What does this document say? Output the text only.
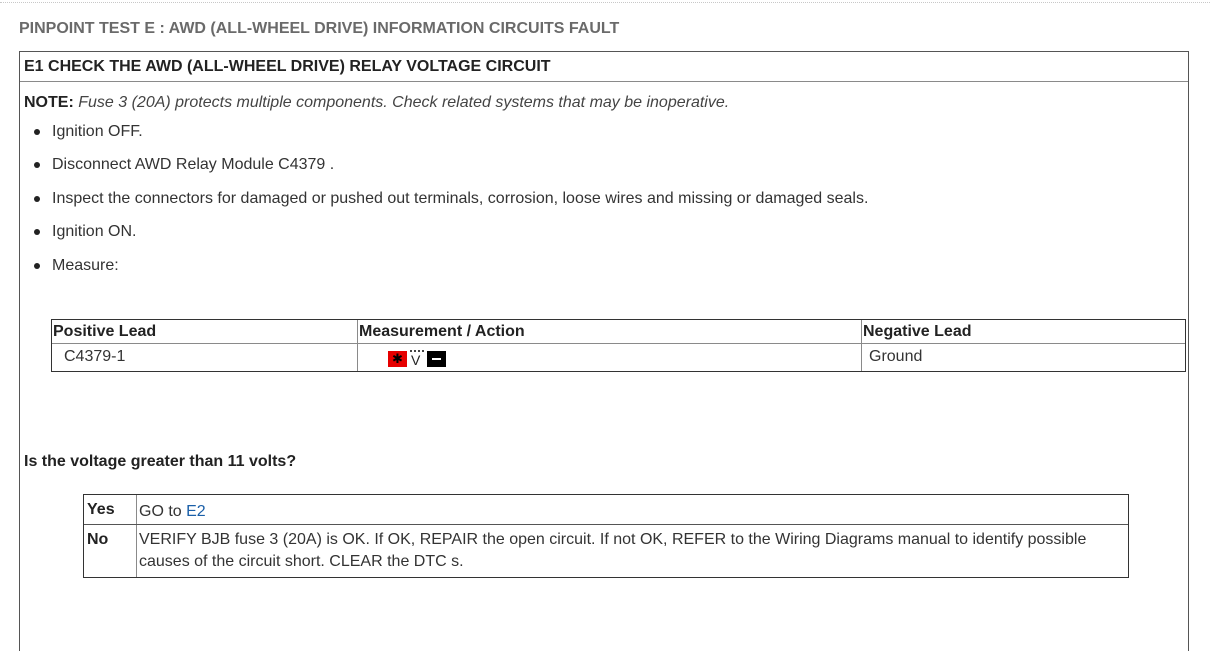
PINPOINT TEST E : AWD (ALL-WHEEL DRIVE) INFORMATION CIRCUITS FAULT
E1 CHECK THE AWD (ALL-WHEEL DRIVE) RELAY VOLTAGE CIRCUIT
NOTE: Fuse 3 (20A) protects multiple components. Check related systems that may be inoperative.
Ignition OFF.
Disconnect AWD Relay Module C4379 .
Inspect the connectors for damaged or pushed out terminals, corrosion, loose wires and missing or damaged seals.
Ignition ON.
Measure:
Positive Lead	Measurement / Action	Negative Lead
C4379-1	✱ V	Ground
Is the voltage greater than 11 volts?
Yes GO to E2
No VERIFY BJB fuse 3 (20A) is OK. If OK, REPAIR the open circuit. If not OK, REFER to the Wiring Diagrams manual to identify possible causes of the circuit short. CLEAR the DTC s.
